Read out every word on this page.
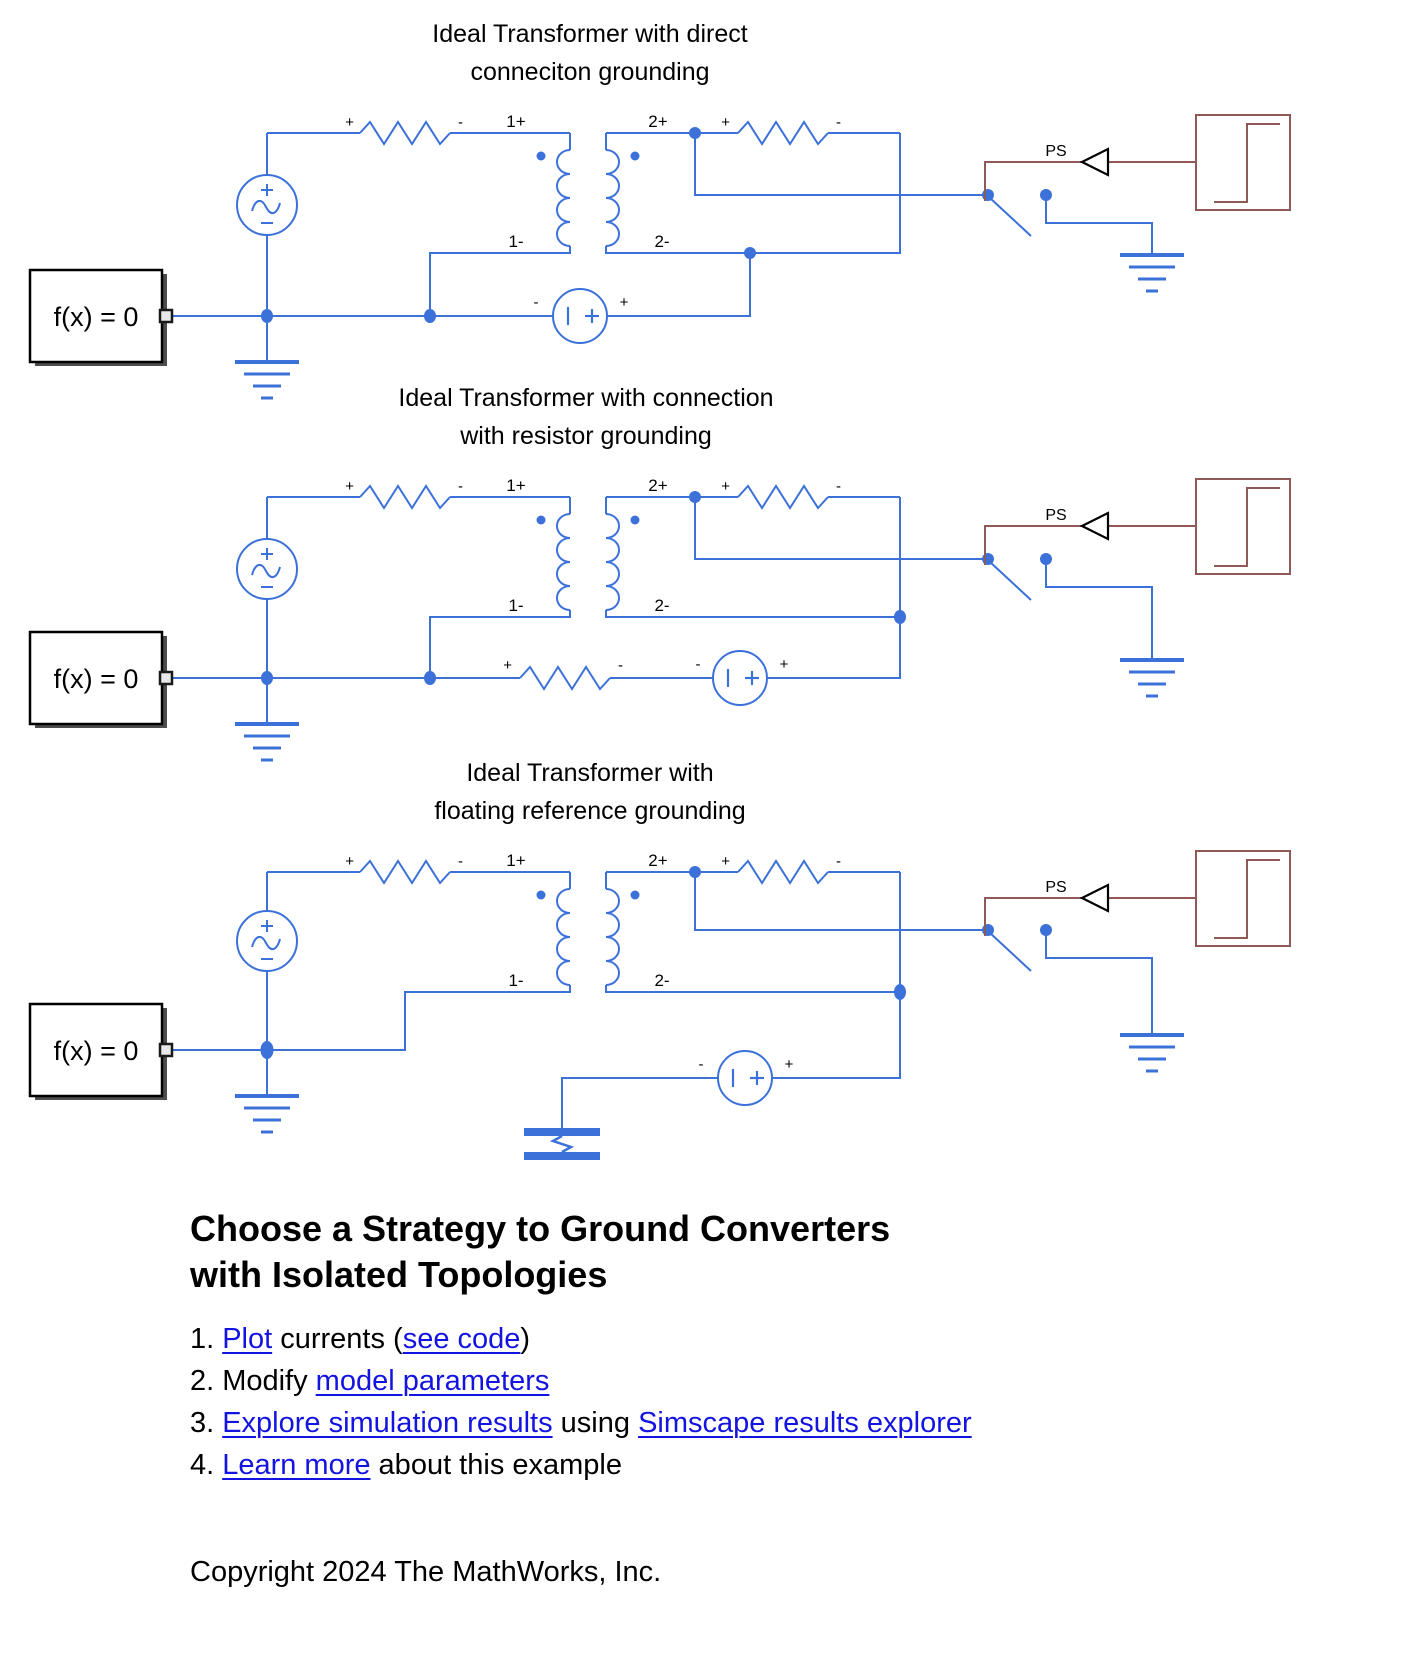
Ideal Transformer with direct
conneciton grounding
f(x) = 0
PS
+	-	+	-
1+	2+
1-	2-
-	+
Ideal Transformer with connection
with resistor grounding
f(x) = 0
PS
+	-	+	-
1+	2+
1-	2-
+	-	-	+
Ideal Transformer with
floating reference grounding
f(x) = 0
PS
+	-	+	-
1+	2+
1-	2-
-	+
Choose a Strategy to Ground Converters
with Isolated Topologies
1. Plot currents (see code)
2. Modify model parameters
3. Explore simulation results using Simscape results explorer
4. Learn more about this example
Copyright 2024 The MathWorks, Inc.
